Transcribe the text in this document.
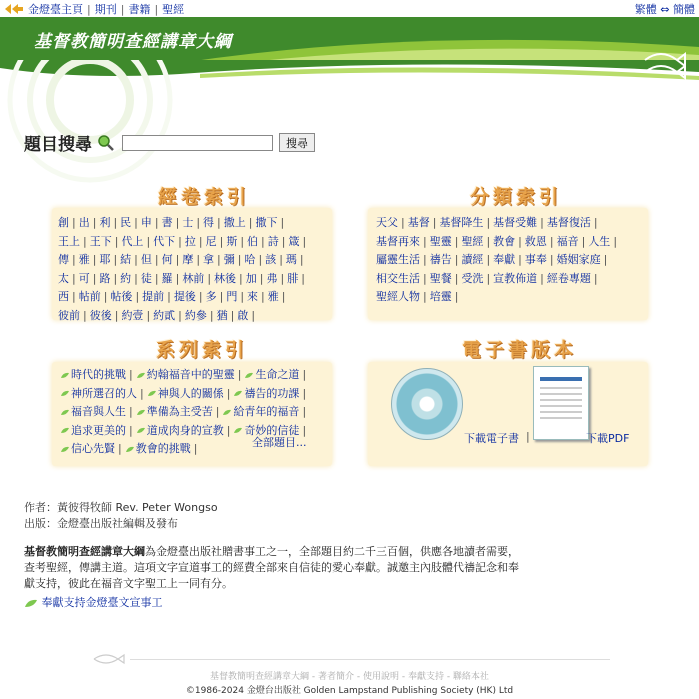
金燈臺主頁 | 期刊 | 書籍 | 聖經	繁體 ⇔ 簡體
基督教簡明查經講章大綱
題目搜尋	搜尋
經卷索引	分類索引
系列索引	電子書版本
創 | 出 | 利 | 民 | 申 | 書 | 士 | 得 | 撒上 | 撒下 |
王上 | 王下 | 代上 | 代下 | 拉 | 尼 | 斯 | 伯 | 詩 | 箴 |
傳 | 雅 | 耶 | 結 | 但 | 何 | 摩 | 拿 | 彌 | 哈 | 該 | 瑪 |
太 | 可 | 路 | 約 | 徒 | 羅 | 林前 | 林後 | 加 | 弗 | 腓 |
西 | 帖前 | 帖後 | 提前 | 提後 | 多 | 門 | 來 | 雅 |
彼前 | 彼後 | 約壹 | 約貳 | 約參 | 猶 | 啟 |
天父 | 基督 | 基督降生 | 基督受難 | 基督復活 |
基督再來 | 聖靈 | 聖經 | 教會 | 救恩 | 福音 | 人生 |
屬靈生活 | 禱告 | 讀經 | 奉獻 | 事奉 | 婚姻家庭 |
相交生活 | 聖餐 | 受洗 | 宣教佈道 | 經卷專題 |
聖經人物 | 培靈 |
時代的挑戰 | 約翰福音中的聖靈 | 生命之道 |
神所選召的人 | 神與人的關係 | 禱告的功課 |
福音與人生 | 準備為主受苦 | 給青年的福音 |
追求更美的 | 道成肉身的宣教 | 奇妙的信徒 |
信心先賢 | 教會的挑戰 |	全部題目...	下載電子書 |	下載PDF
作者：黃彼得牧師 Rev. Peter Wongso
出版：金燈臺出版社編輯及發布
基督教簡明查經講章大綱為金燈臺出版社贈書事工之一，全部題目約二千三百個，供應各地讀者需要，查考聖經，傳講主道。這項文字宣道事工的經費全部來自信徒的愛心奉獻。誠邀主內肢體代禱記念和奉獻支持，彼此在福音文字聖工上一同有分。
奉獻支持金燈臺文宣事工
基督教簡明查經講章大綱 - 著者簡介 - 使用說明 - 奉獻支持 - 聯絡本社
©1986-2024 金燈台出版社 Golden Lampstand Publishing Society (HK) Ltd
